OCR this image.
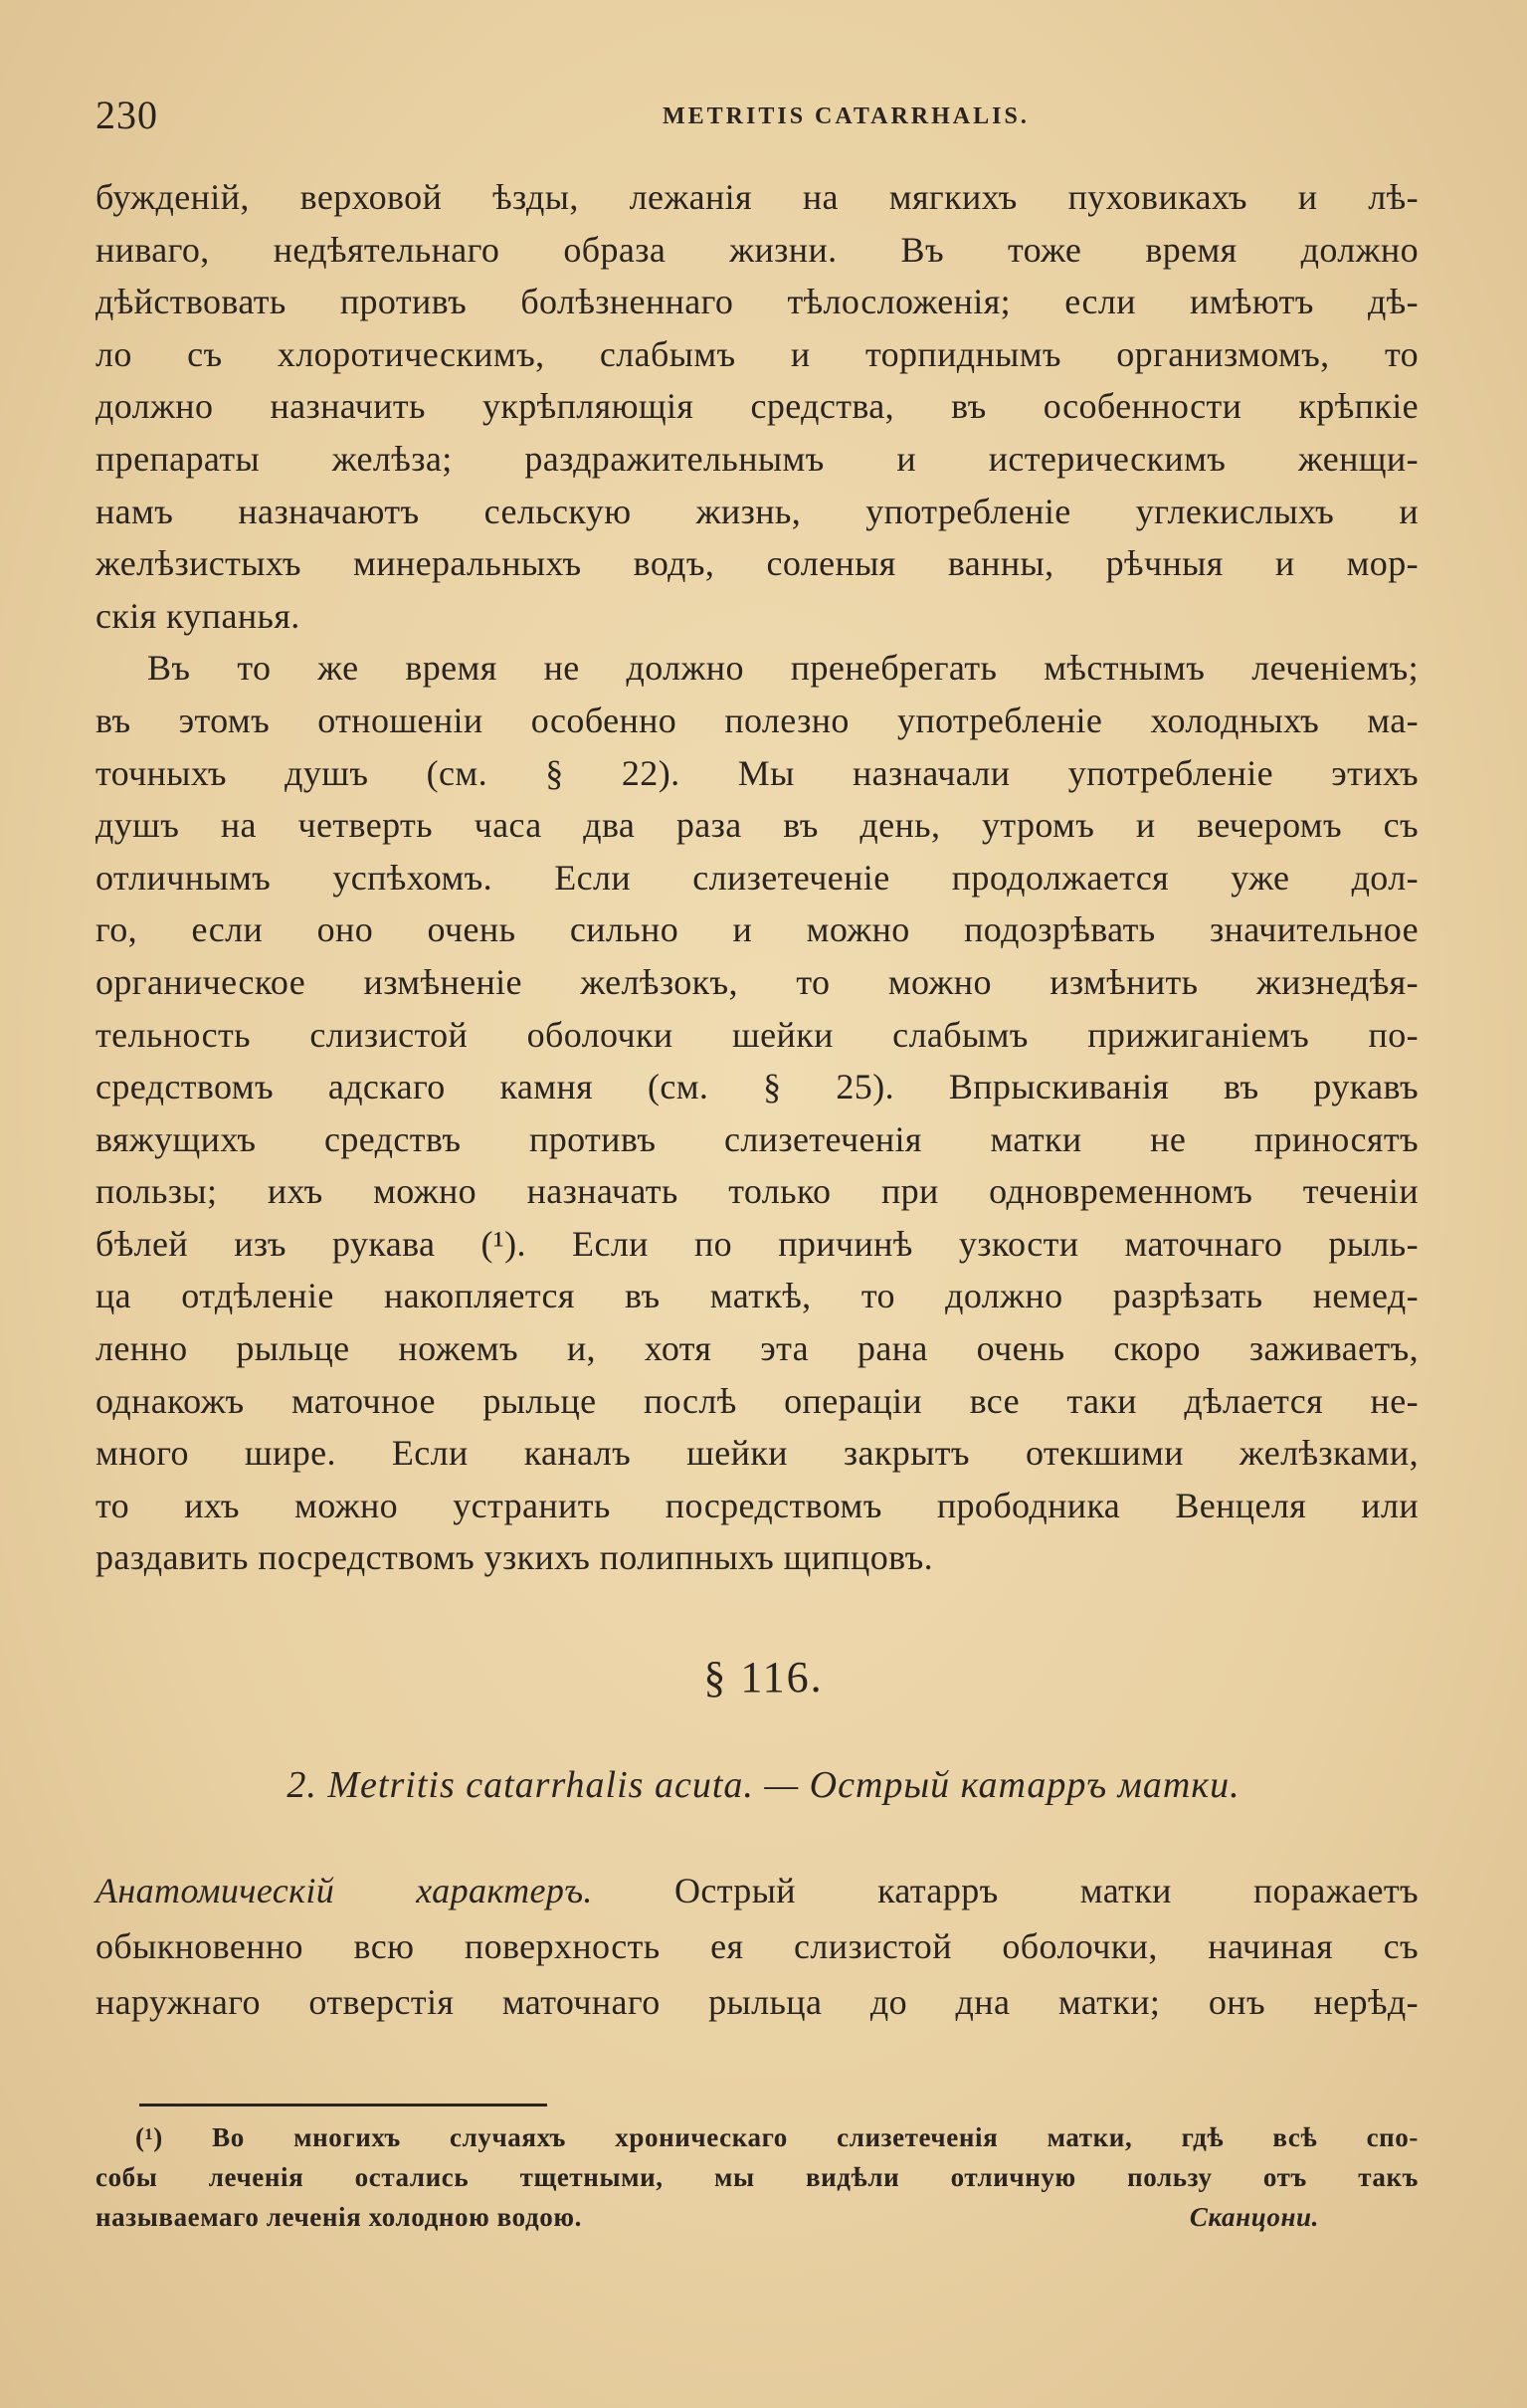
230	METRITIS CATARRHALIS.
бужденій, верховой ѣзды, лежанія на мягкихъ пуховикахъ и лѣ-
ниваго, недѣятельнаго образа жизни. Въ тоже время должно
дѣйствовать противъ болѣзненнаго тѣлосложенія; если имѣютъ дѣ-
ло съ хлоротическимъ, слабымъ и торпиднымъ организмомъ, то
должно назначить укрѣпляющія средства, въ особенности крѣпкіе
препараты желѣза; раздражительнымъ и истерическимъ женщи-
намъ назначаютъ сельскую жизнь, употребленіе углекислыхъ и
желѣзистыхъ минеральныхъ водъ, соленыя ванны, рѣчныя и мор-
скія купанья.
Въ то же время не должно пренебрегать мѣстнымъ леченіемъ;
въ этомъ отношеніи особенно полезно употребленіе холодныхъ ма-
точныхъ душъ (см. § 22). Мы назначали употребленіе этихъ
душъ на четверть часа два раза въ день, утромъ и вечеромъ съ
отличнымъ успѣхомъ. Если слизетеченіе продолжается уже дол-
го, если оно очень сильно и можно подозрѣвать значительное
органическое измѣненіе желѣзокъ, то можно измѣнить жизнедѣя-
тельность слизистой оболочки шейки слабымъ прижиганіемъ по-
средствомъ адскаго камня (см. § 25). Впрыскиванія въ рукавъ
вяжущихъ средствъ противъ слизетеченія матки не приносятъ
пользы; ихъ можно назначать только при одновременномъ теченіи
бѣлей изъ рукава (¹). Если по причинѣ узкости маточнаго рыль-
ца отдѣленіе накопляется въ маткѣ, то должно разрѣзать немед-
ленно рыльце ножемъ и, хотя эта рана очень скоро заживаетъ,
однакожъ маточное рыльце послѣ операціи все таки дѣлается не-
много шире. Если каналъ шейки закрытъ отекшими желѣзками,
то ихъ можно устранить посредствомъ прободника Венцеля или
раздавить посредствомъ узкихъ полипныхъ щипцовъ.
§ 116.
2. Metritis catarrhalis acuta. — Острый катарръ матки.
Анатомическій характеръ. Острый катарръ матки поражаетъ
обыкновенно всю поверхность ея слизистой оболочки, начиная съ
наружнаго отверстія маточнаго рыльца до дна матки; онъ нерѣд-
(¹) Во многихъ случаяхъ хроническаго слизетеченія матки, гдѣ всѣ спо-
собы леченія остались тщетными, мы видѣли отличную пользу отъ такъ
называемаго леченія холодною водою.	Сканцони.
